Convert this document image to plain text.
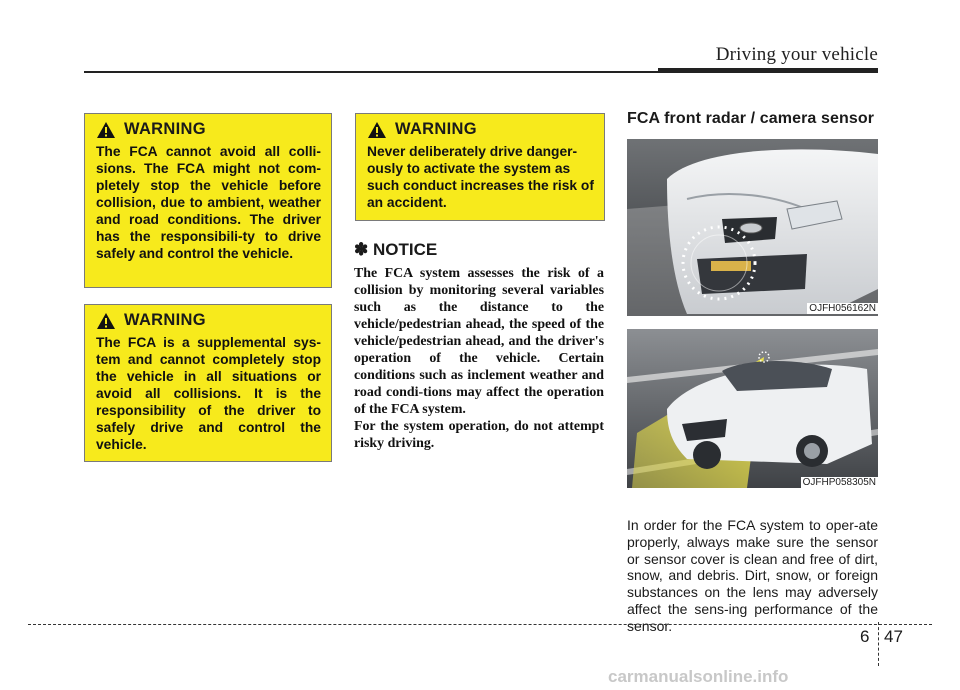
Driving your vehicle
WARNING
The FCA cannot avoid all colli-sions. The FCA might not com-pletely stop the vehicle before collision, due to ambient, weather and road conditions. The driver has the responsibili-ty to drive safely and control the vehicle.
WARNING
The FCA is a supplemental sys-tem and cannot completely stop the vehicle in all situations or avoid all collisions. It is the responsibility of the driver to safely drive and control the vehicle.
WARNING
Never deliberately drive danger-ously to activate the system as such conduct increases the risk of an accident.
✽ NOTICE

The FCA system assesses the risk of a collision by monitoring several variables such as the distance to the vehicle/pedestrian ahead, the speed of the vehicle/pedestrian ahead, and the driver's operation of the vehicle. Certain conditions such as inclement weather and road condi-tions may affect the operation of the FCA system.

For the system operation, do not attempt risky driving.

FCA front radar / camera sensor
OJFH056162N
OJFHP058305N
In order for the FCA system to oper-ate properly, always make sure the sensor or sensor cover is clean and free of dirt, snow, and debris. Dirt, snow, or foreign substances on the lens may adversely affect the sens-ing performance of the sensor.
6 47
carmanualsonline.info
